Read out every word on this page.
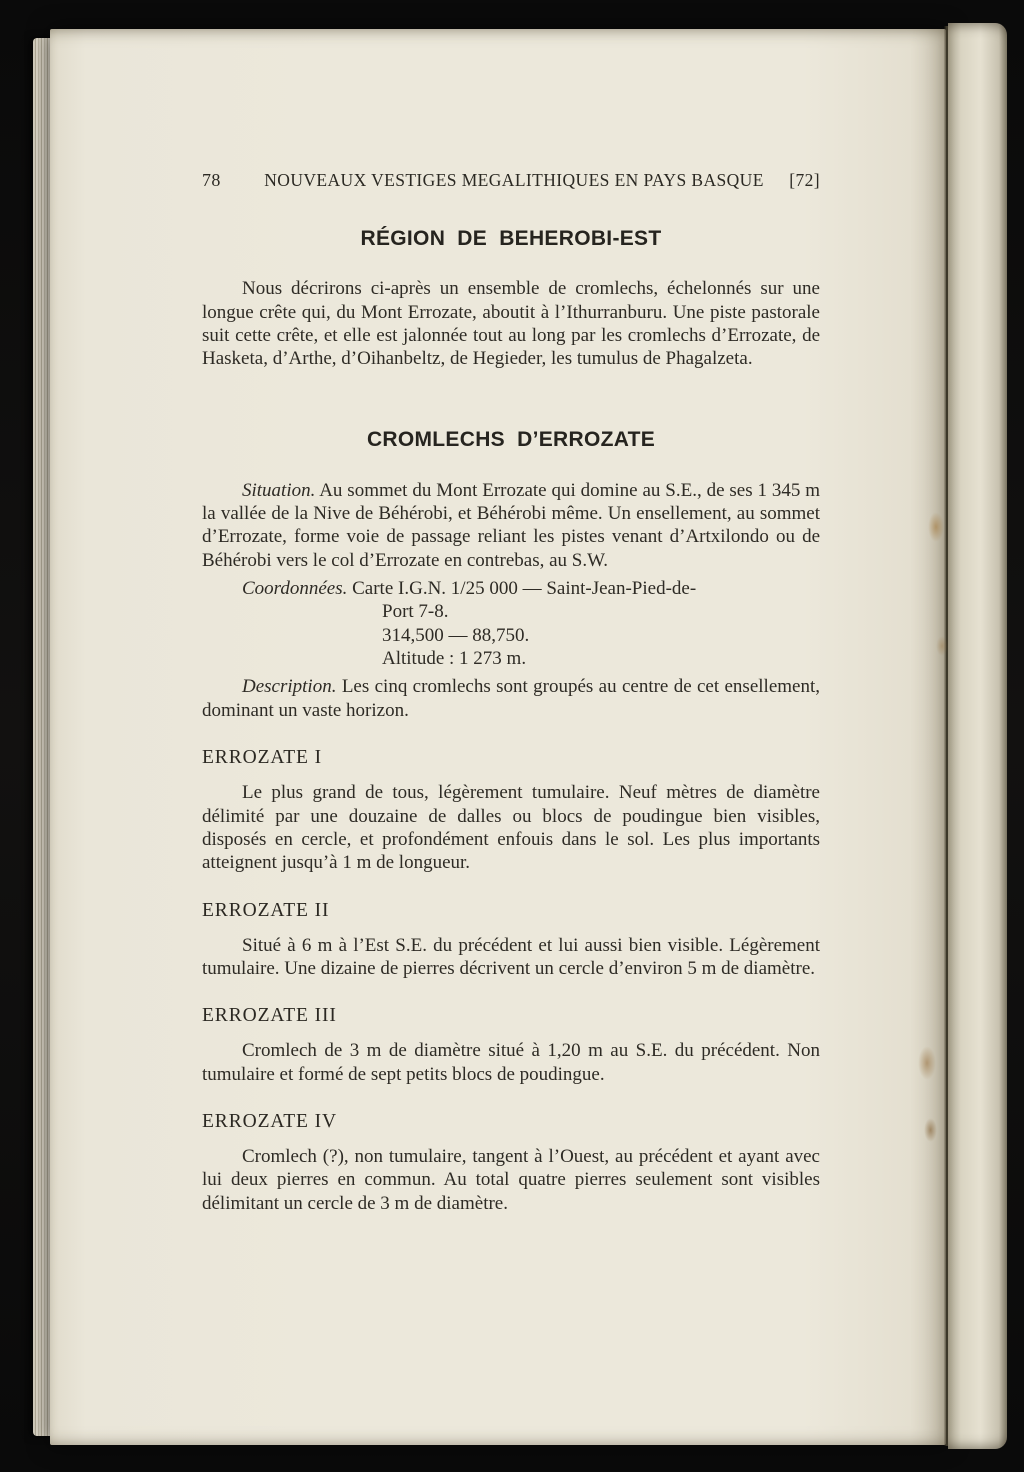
78	NOUVEAUX VESTIGES MEGALITHIQUES EN PAYS BASQUE	[72]
RÉGION DE BEHEROBI-EST

Nous décrirons ci-après un ensemble de cromlechs, échelonnés sur une longue crête qui, du Mont Errozate, aboutit à l’Ithurranburu. Une piste pastorale suit cette crête, et elle est jalonnée tout au long par les cromlechs d’Errozate, de Hasketa, d’Arthe, d’Oihanbeltz, de Hegieder, les tumulus de Phagalzeta.

CROMLECHS D’ERROZATE

Situation. Au sommet du Mont Errozate qui domine au S.E., de ses 1 345 m la vallée de la Nive de Béhérobi, et Béhérobi même. Un ensellement, au sommet d’Errozate, forme voie de passage reliant les pistes venant d’Artxilondo ou de Béhérobi vers le col d’Errozate en contrebas, au S.W.

Coordonnées. Carte I.G.N. 1/25 000 — Saint-Jean-Pied-de-
Port 7-8.
314,500 — 88,750.
Altitude : 1 273 m.

Description. Les cinq cromlechs sont groupés au centre de cet ensellement, dominant un vaste horizon.

ERROZATE I

Le plus grand de tous, légèrement tumulaire. Neuf mètres de diamètre délimité par une douzaine de dalles ou blocs de poudingue bien visibles, disposés en cercle, et profondément enfouis dans le sol. Les plus importants atteignent jusqu’à 1 m de longueur.

ERROZATE II

Situé à 6 m à l’Est S.E. du précédent et lui aussi bien visible. Légèrement tumulaire. Une dizaine de pierres décrivent un cercle d’environ 5 m de diamètre.

ERROZATE III

Cromlech de 3 m de diamètre situé à 1,20 m au S.E. du précédent. Non tumulaire et formé de sept petits blocs de poudingue.

ERROZATE IV

Cromlech (?), non tumulaire, tangent à l’Ouest, au précédent et ayant avec lui deux pierres en commun. Au total quatre pierres seulement sont visibles délimitant un cercle de 3 m de diamètre.
